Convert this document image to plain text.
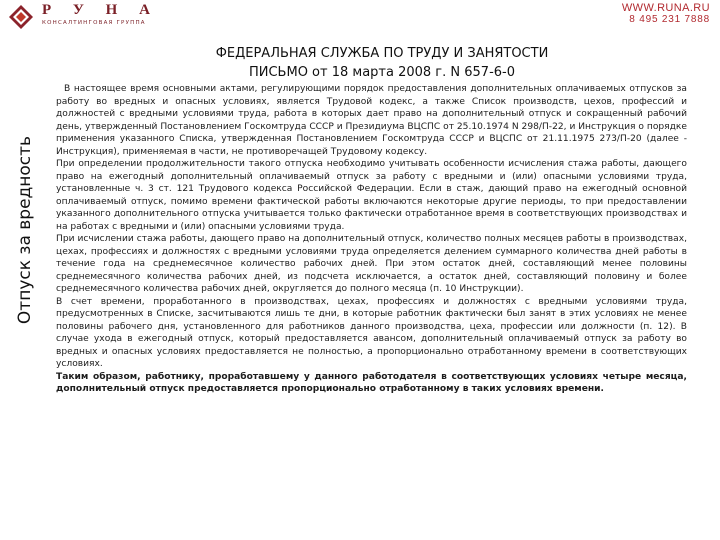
Р У Н А
КОНСАЛТИНГОВАЯ ГРУППА
WWW.RUNA.RU
8 495 231 7888
Отпуск за вредность
ФЕДЕРАЛЬНАЯ СЛУЖБА ПО ТРУДУ И ЗАНЯТОСТИ
ПИСЬМО от 18 марта 2008 г. N 657-6-0

В настоящее время основными актами, регулирующими порядок предоставления дополнительных оплачиваемых отпусков за работу во вредных и опасных условиях, является Трудовой кодекс, а также Список производств, цехов, профессий и должностей с вредными условиями труда, работа в которых дает право на дополнительный отпуск и сокращенный рабочий день, утвержденный Постановлением Госкомтруда СССР и Президиума ВЦСПС от 25.10.1974 N 298/П-22, и Инструкция о порядке применения указанного Списка, утвержденная Постановлением Госкомтруда СССР и ВЦСПС от 21.11.1975 273/П-20 (далее - Инструкция), применяемая в части, не противоречащей Трудовому кодексу.

При определении продолжительности такого отпуска необходимо учитывать особенности исчисления стажа работы, дающего право на ежегодный дополнительный оплачиваемый отпуск за работу с вредными и (или) опасными условиями труда, установленные ч. 3 ст. 121 Трудового кодекса Российской Федерации. Если в стаж, дающий право на ежегодный основной оплачиваемый отпуск, помимо времени фактической работы включаются некоторые другие периоды, то при предоставлении указанного дополнительного отпуска учитывается только фактически отработанное время в соответствующих производствах и на работах с вредными и (или) опасными условиями труда.

При исчислении стажа работы, дающего право на дополнительный отпуск, количество полных месяцев работы в производствах, цехах, профессиях и должностях с вредными условиями труда определяется делением суммарного количества дней работы в течение года на среднемесячное количество рабочих дней. При этом остаток дней, составляющий менее половины среднемесячного количества рабочих дней, из подсчета исключается, а остаток дней, составляющий половину и более среднемесячного количества рабочих дней, округляется до полного месяца (п. 10 Инструкции).

В счет времени, проработанного в производствах, цехах, профессиях и должностях с вредными условиями труда, предусмотренных в Списке, засчитываются лишь те дни, в которые работник фактически был занят в этих условиях не менее половины рабочего дня, установленного для работников данного производства, цеха, профессии или должности (п. 12). В случае ухода в ежегодный отпуск, который предоставляется авансом, дополнительный оплачиваемый отпуск за работу во вредных и опасных условиях предоставляется не полностью, а пропорционально отработанному времени в соответствующих условиях.

Таким образом, работнику, проработавшему у данного работодателя в соответствующих условиях четыре месяца, дополнительный отпуск предоставляется пропорционально отработанному в таких условиях времени.
